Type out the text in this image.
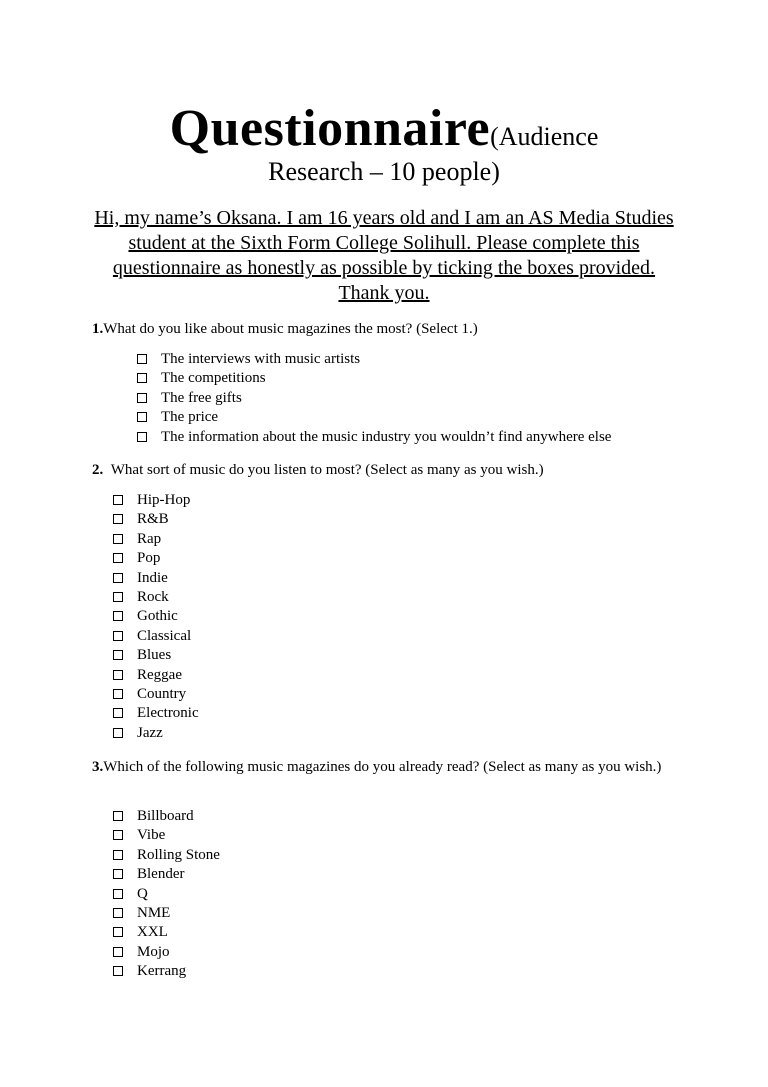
Questionnaire(Audience
Research – 10 people)
Hi, my name’s Oksana. I am 16 years old and I am an AS Media Studies student at the Sixth Form College Solihull. Please complete this questionnaire as honestly as possible by ticking the boxes provided. Thank you.
1.What do you like about music magazines the most? (Select 1.)
The interviews with music artists
The competitions
The free gifts
The price
The information about the music industry you wouldn’t find anywhere else
2. What sort of music do you listen to most? (Select as many as you wish.)
Hip-Hop
R&B
Rap
Pop
Indie
Rock
Gothic
Classical
Blues
Reggae
Country
Electronic
Jazz
3.Which of the following music magazines do you already read? (Select as many as you wish.)
Billboard
Vibe
Rolling Stone
Blender
Q
NME
XXL
Mojo
Kerrang
